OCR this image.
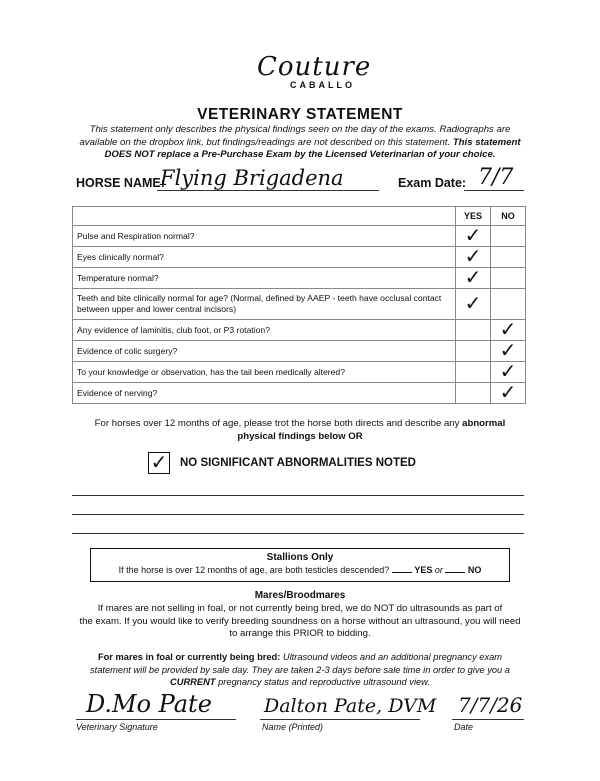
Couture
CABALLO
VETERINARY STATEMENT
This statement only describes the physical findings seen on the day of the exams. Radiographs are
available on the dropbox link, but findings/readings are not described on this statement. This statement
DOES NOT replace a Pre-Purchase Exam by the Licensed Veterinarian of your choice.
HORSE NAME:
Flying Brigadena	Exam Date: 7/7
	YES	NO
Pulse and Respiration normal?	✓	
Eyes clinically normal?	✓	
Temperature normal?	✓	
Teeth and bite clinically normal for age? (Normal, defined by AAEP - teeth have occlusal contact between upper and lower central incisors)	✓	
Any evidence of laminitis, club foot, or P3 rotation?		✓
Evidence of colic surgery?		✓
To your knowledge or observation, has the tail been medically altered?		✓
Evidence of nerving?		✓
For horses over 12 months of age, please trot the horse both directs and describe any abnormal
physical findings below OR
✓ NO SIGNIFICANT ABNORMALITIES NOTED
Stallions Only
If the horse is over 12 months of age, are both testicles descended?	YES or	NO
Mares/Broodmares
If mares are not selling in foal, or not currently being bred, we do NOT do ultrasounds as part of
the exam. If you would like to verify breeding soundness on a horse without an ultrasound, you will need
to arrange this PRIOR to bidding.
For mares in foal or currently being bred: Ultrasound videos and an additional pregnancy exam
statement will be provided by sale day. They are taken 2-3 days before sale time in order to give you a
CURRENT pregnancy status and reproductive ultrasound view.
D.Mo Pate
Veterinary Signature
Dalton Pate, DVM
Name (Printed)
7/7/26
Date
